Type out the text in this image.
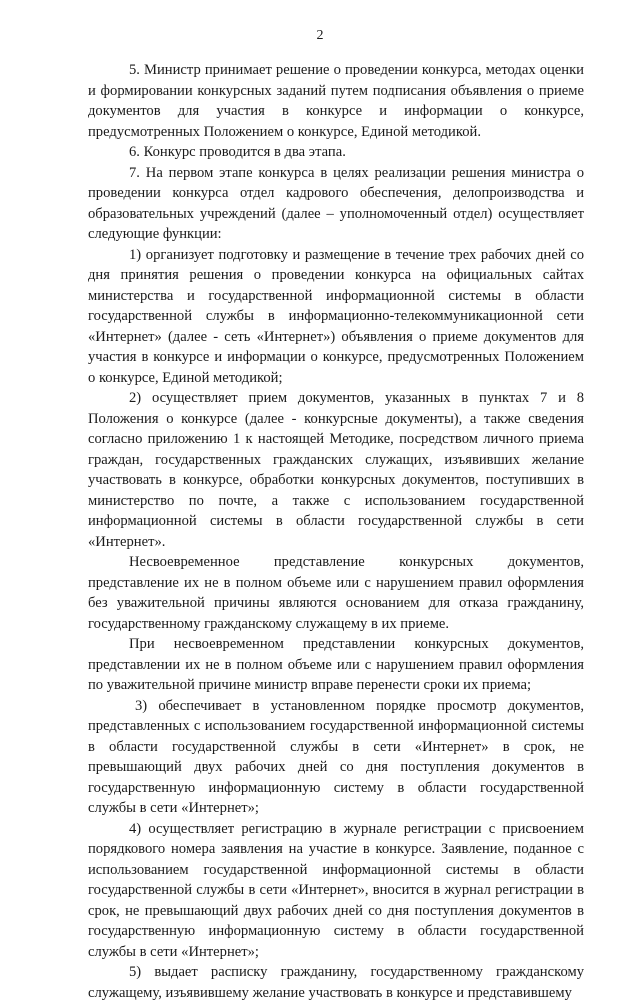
2

5. Министр принимает решение о проведении конкурса, методах оценки и формировании конкурсных заданий путем подписания объявления о приеме документов для участия в конкурсе и информации о конкурсе, предусмотренных Положением о конкурсе, Единой методикой.

6. Конкурс проводится в два этапа.

7. На первом этапе конкурса в целях реализации решения министра о проведении конкурса отдел кадрового обеспечения, делопроизводства и образовательных учреждений (далее – уполномоченный отдел) осуществляет следующие функции:

1) организует подготовку и размещение в течение трех рабочих дней со дня принятия решения о проведении конкурса на официальных сайтах министерства и государственной информационной системы в области государственной службы в информационно-телекоммуникационной сети «Интернет» (далее - сеть «Интернет») объявления о приеме документов для участия в конкурсе и информации о конкурсе, предусмотренных Положением о конкурсе, Единой методикой;

2) осуществляет прием документов, указанных в пунктах 7 и 8 Положения о конкурсе (далее - конкурсные документы), а также сведения согласно приложению 1 к настоящей Методике, посредством личного приема граждан, государственных гражданских служащих, изъявивших желание участвовать в конкурсе, обработки конкурсных документов, поступивших в министерство по почте, а также с использованием государственной информационной системы в области государственной службы в сети «Интернет».

Несвоевременное представление конкурсных документов, представление их не в полном объеме или с нарушением правил оформления без уважительной причины являются основанием для отказа гражданину, государственному гражданскому служащему в их приеме.

При несвоевременном представлении конкурсных документов, представлении их не в полном объеме или с нарушением правил оформления по уважительной причине министр вправе перенести сроки их приема;

3) обеспечивает в установленном порядке просмотр документов, представленных с использованием государственной информационной системы в области государственной службы в сети «Интернет» в срок, не превышающий двух рабочих дней со дня поступления документов в государственную информационную систему в области государственной службы в сети «Интернет»;

4) осуществляет регистрацию в журнале регистрации с присвоением порядкового номера заявления на участие в конкурсе. Заявление, поданное с использованием государственной информационной системы в области государственной службы в сети «Интернет», вносится в журнал регистрации в срок, не превышающий двух рабочих дней со дня поступления документов в государственную информационную систему в области государственной службы в сети «Интернет»;

5) выдает расписку гражданину, государственному гражданскому служащему, изъявившему желание участвовать в конкурсе и представившему
